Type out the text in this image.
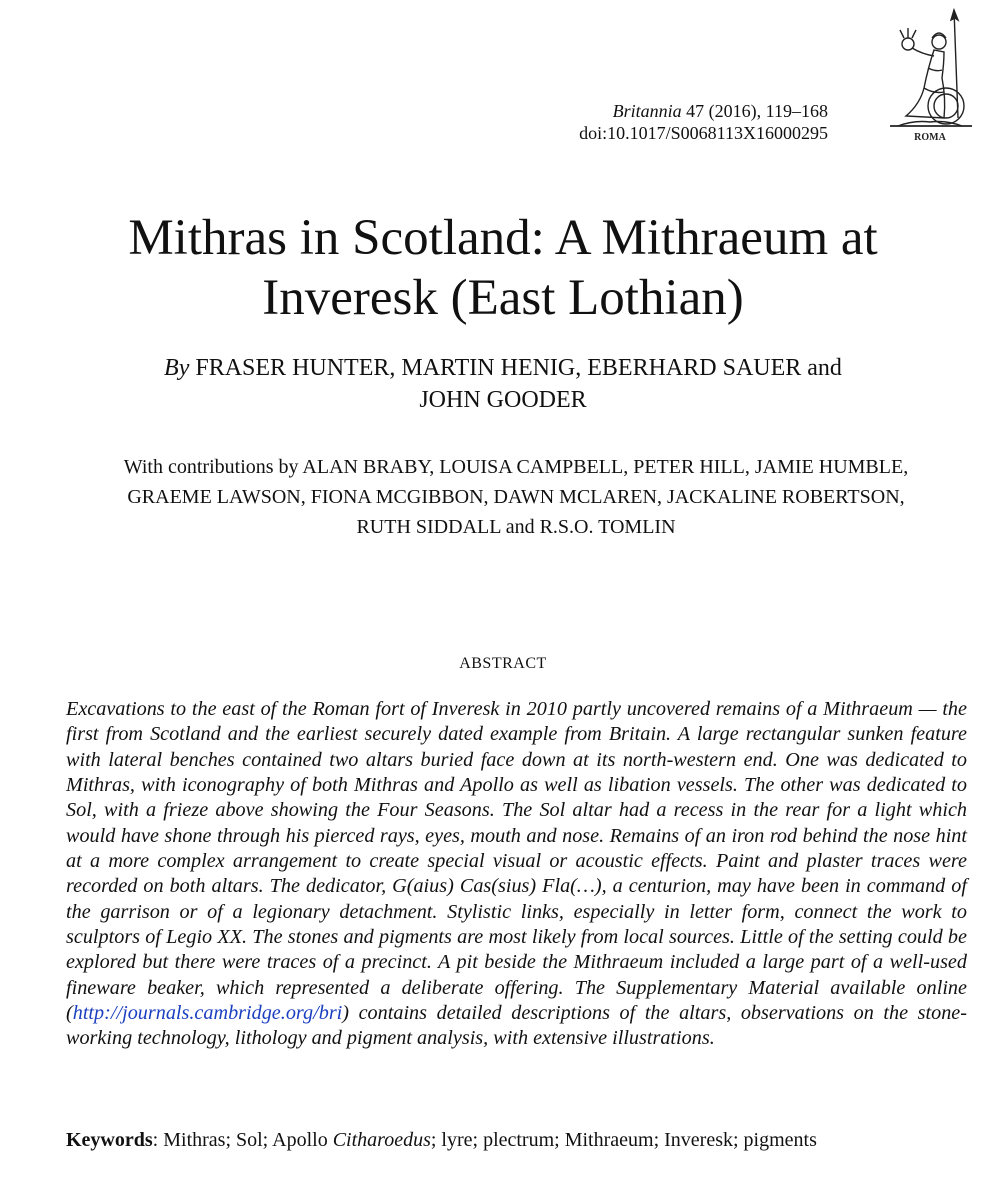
ROMA
Britannia 47 (2016), 119–168
doi:10.1017/S0068113X16000295
Mithras in Scotland: A Mithraeum at
Inveresk (East Lothian)
By FRASER HUNTER, MARTIN HENIG, EBERHARD SAUER and
JOHN GOODER
With contributions by ALAN BRABY, LOUISA CAMPBELL, PETER HILL, JAMIE HUMBLE,
GRAEME LAWSON, FIONA MCGIBBON, DAWN MCLAREN, JACKALINE ROBERTSON,
RUTH SIDDALL and R.S.O. TOMLIN
ABSTRACT
Excavations to the east of the Roman fort of Inveresk in 2010 partly uncovered remains of a Mithraeum — the first from Scotland and the earliest securely dated example from Britain. A large rectangular sunken feature with lateral benches contained two altars buried face down at its north-western end. One was dedicated to Mithras, with iconography of both Mithras and Apollo as well as libation vessels. The other was dedicated to Sol, with a frieze above showing the Four Seasons. The Sol altar had a recess in the rear for a light which would have shone through his pierced rays, eyes, mouth and nose. Remains of an iron rod behind the nose hint at a more complex arrangement to create special visual or acoustic effects. Paint and plaster traces were recorded on both altars. The dedicator, G(aius) Cas(sius) Fla(…), a centurion, may have been in command of the garrison or of a legionary detachment. Stylistic links, especially in letter form, connect the work to sculptors of Legio XX. The stones and pigments are most likely from local sources. Little of the setting could be explored but there were traces of a precinct. A pit beside the Mithraeum included a large part of a well-used fineware beaker, which represented a deliberate offering. The Supplementary Material available online (http://journals.cambridge.org/bri) contains detailed descriptions of the altars, observations on the stone-working technology, lithology and pigment analysis, with extensive illustrations.
Keywords: Mithras; Sol; Apollo Citharoedus; lyre; plectrum; Mithraeum; Inveresk; pigments
